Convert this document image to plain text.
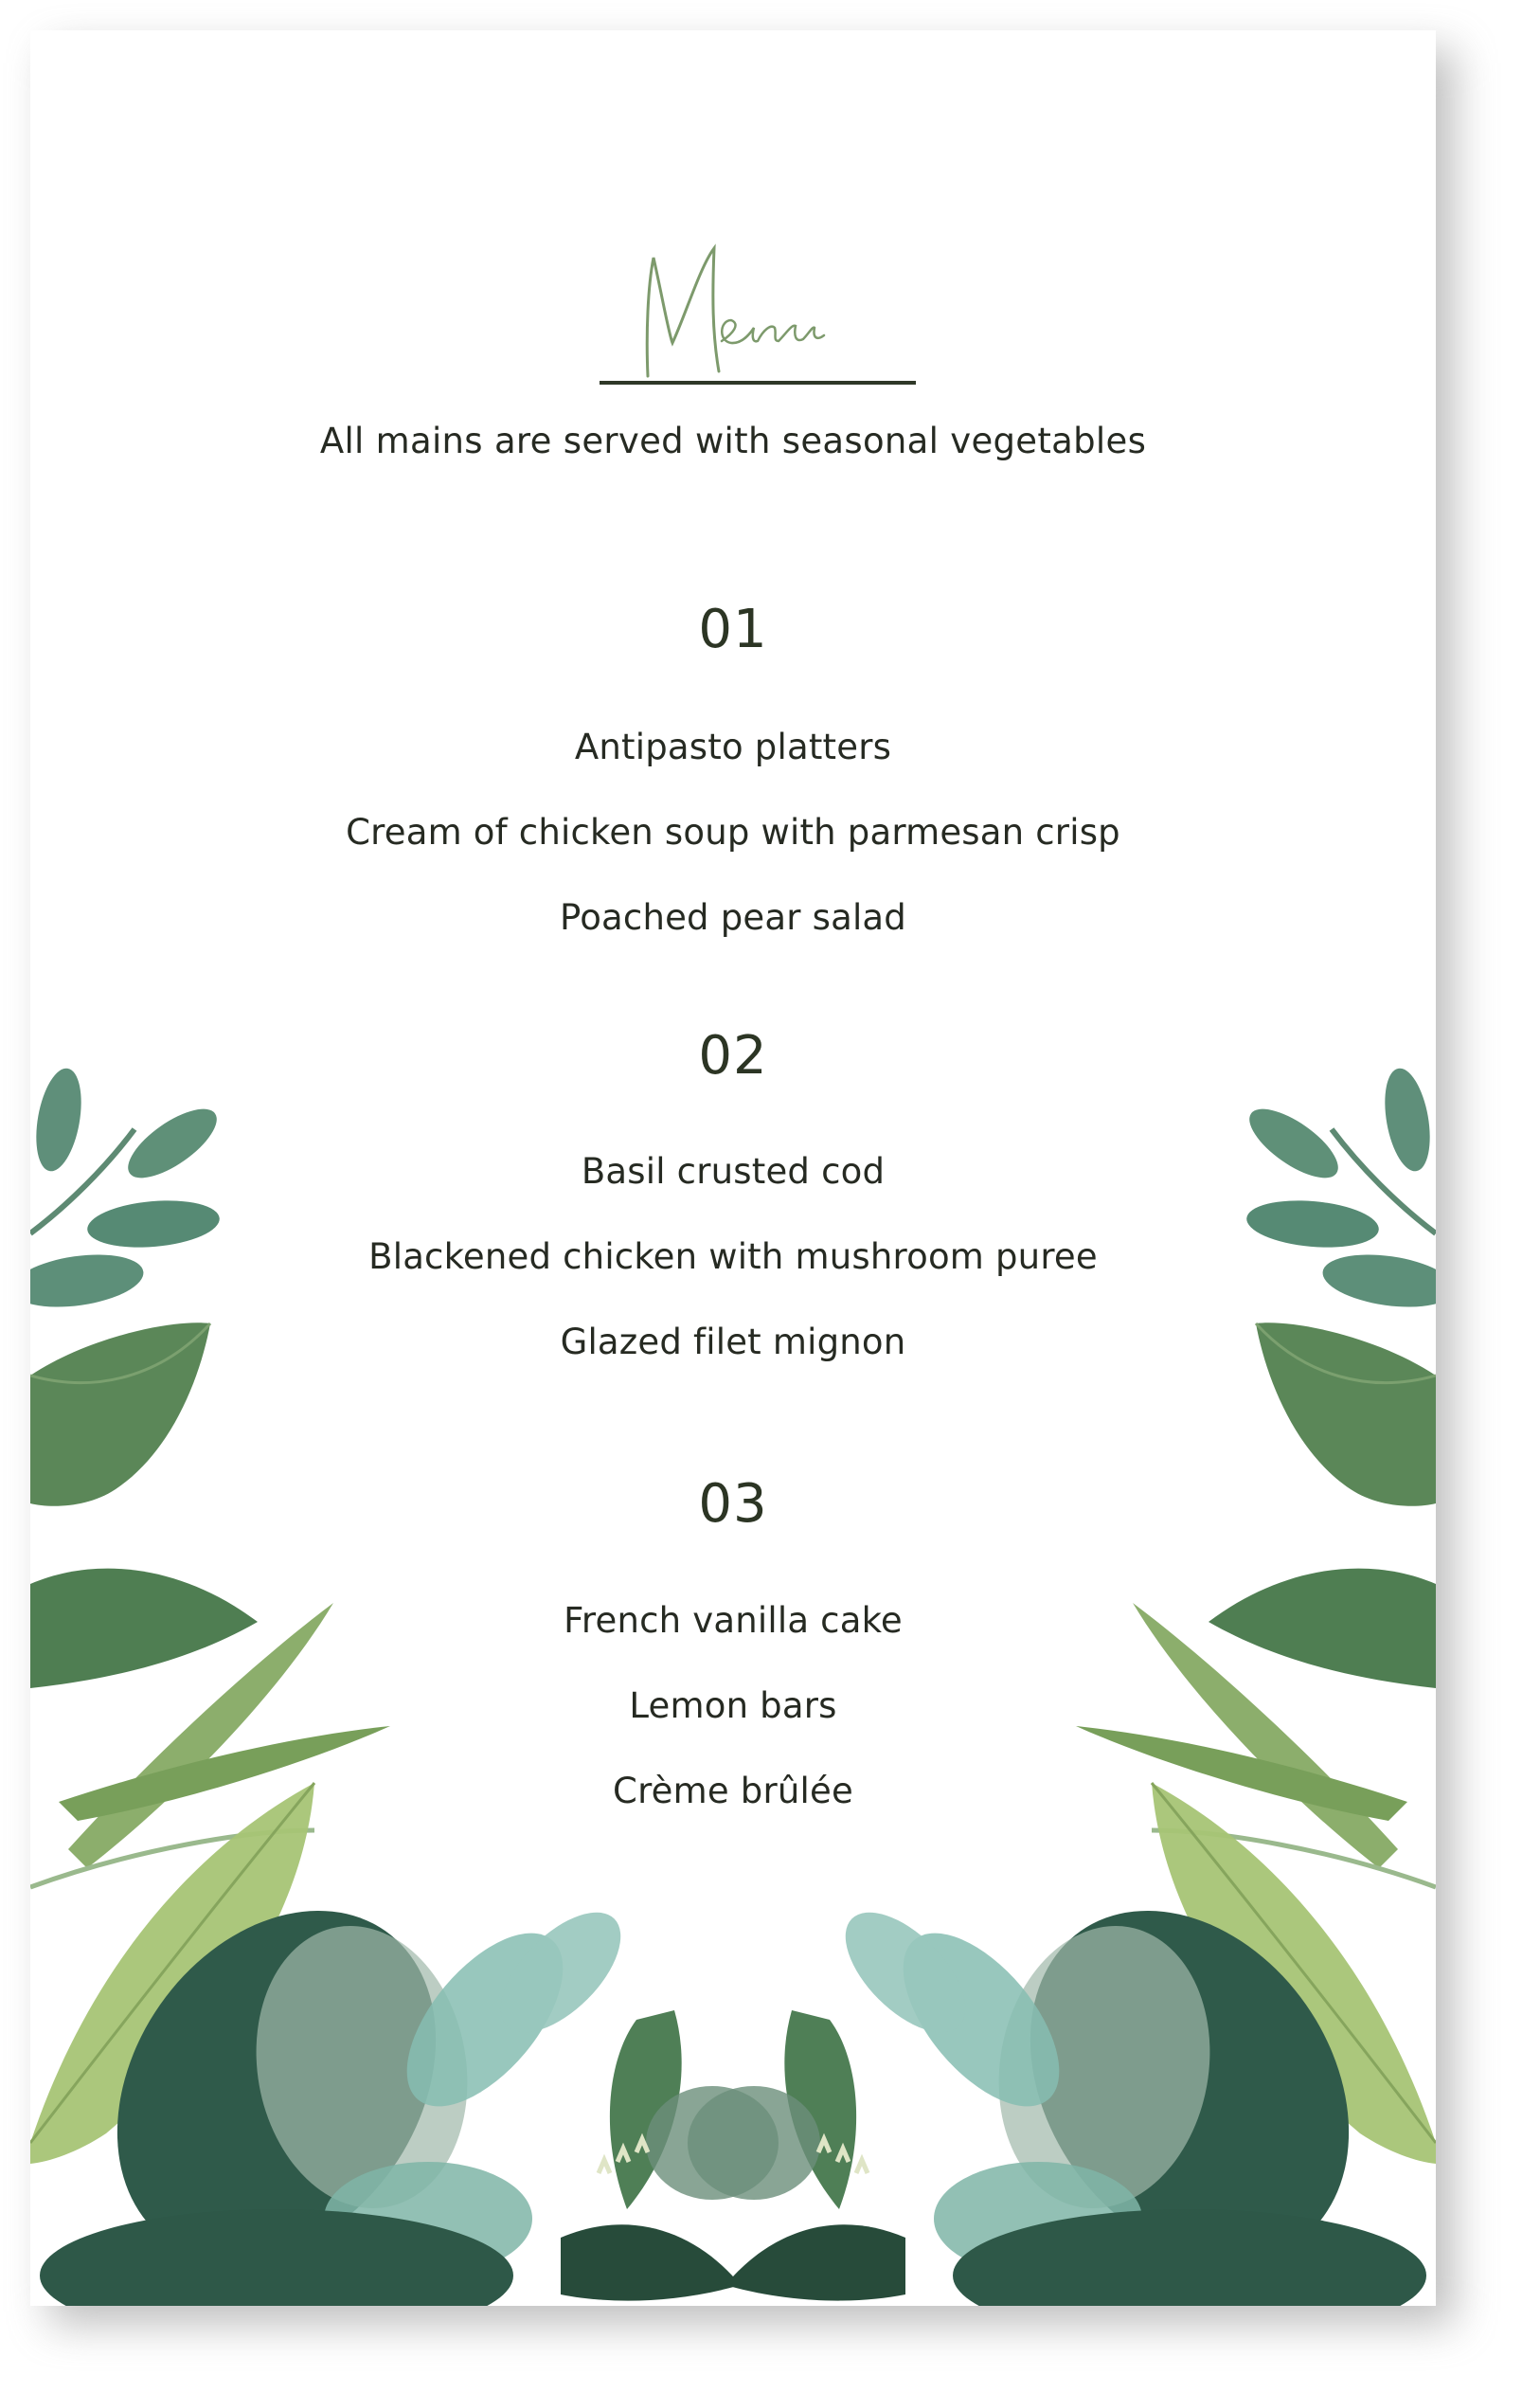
All mains are served with seasonal vegetables
01
Antipasto platters
Cream of chicken soup with parmesan crisp
Poached pear salad
02
Basil crusted cod
Blackened chicken with mushroom puree
Glazed filet mignon
03
French vanilla cake
Lemon bars
Crème brûlée
